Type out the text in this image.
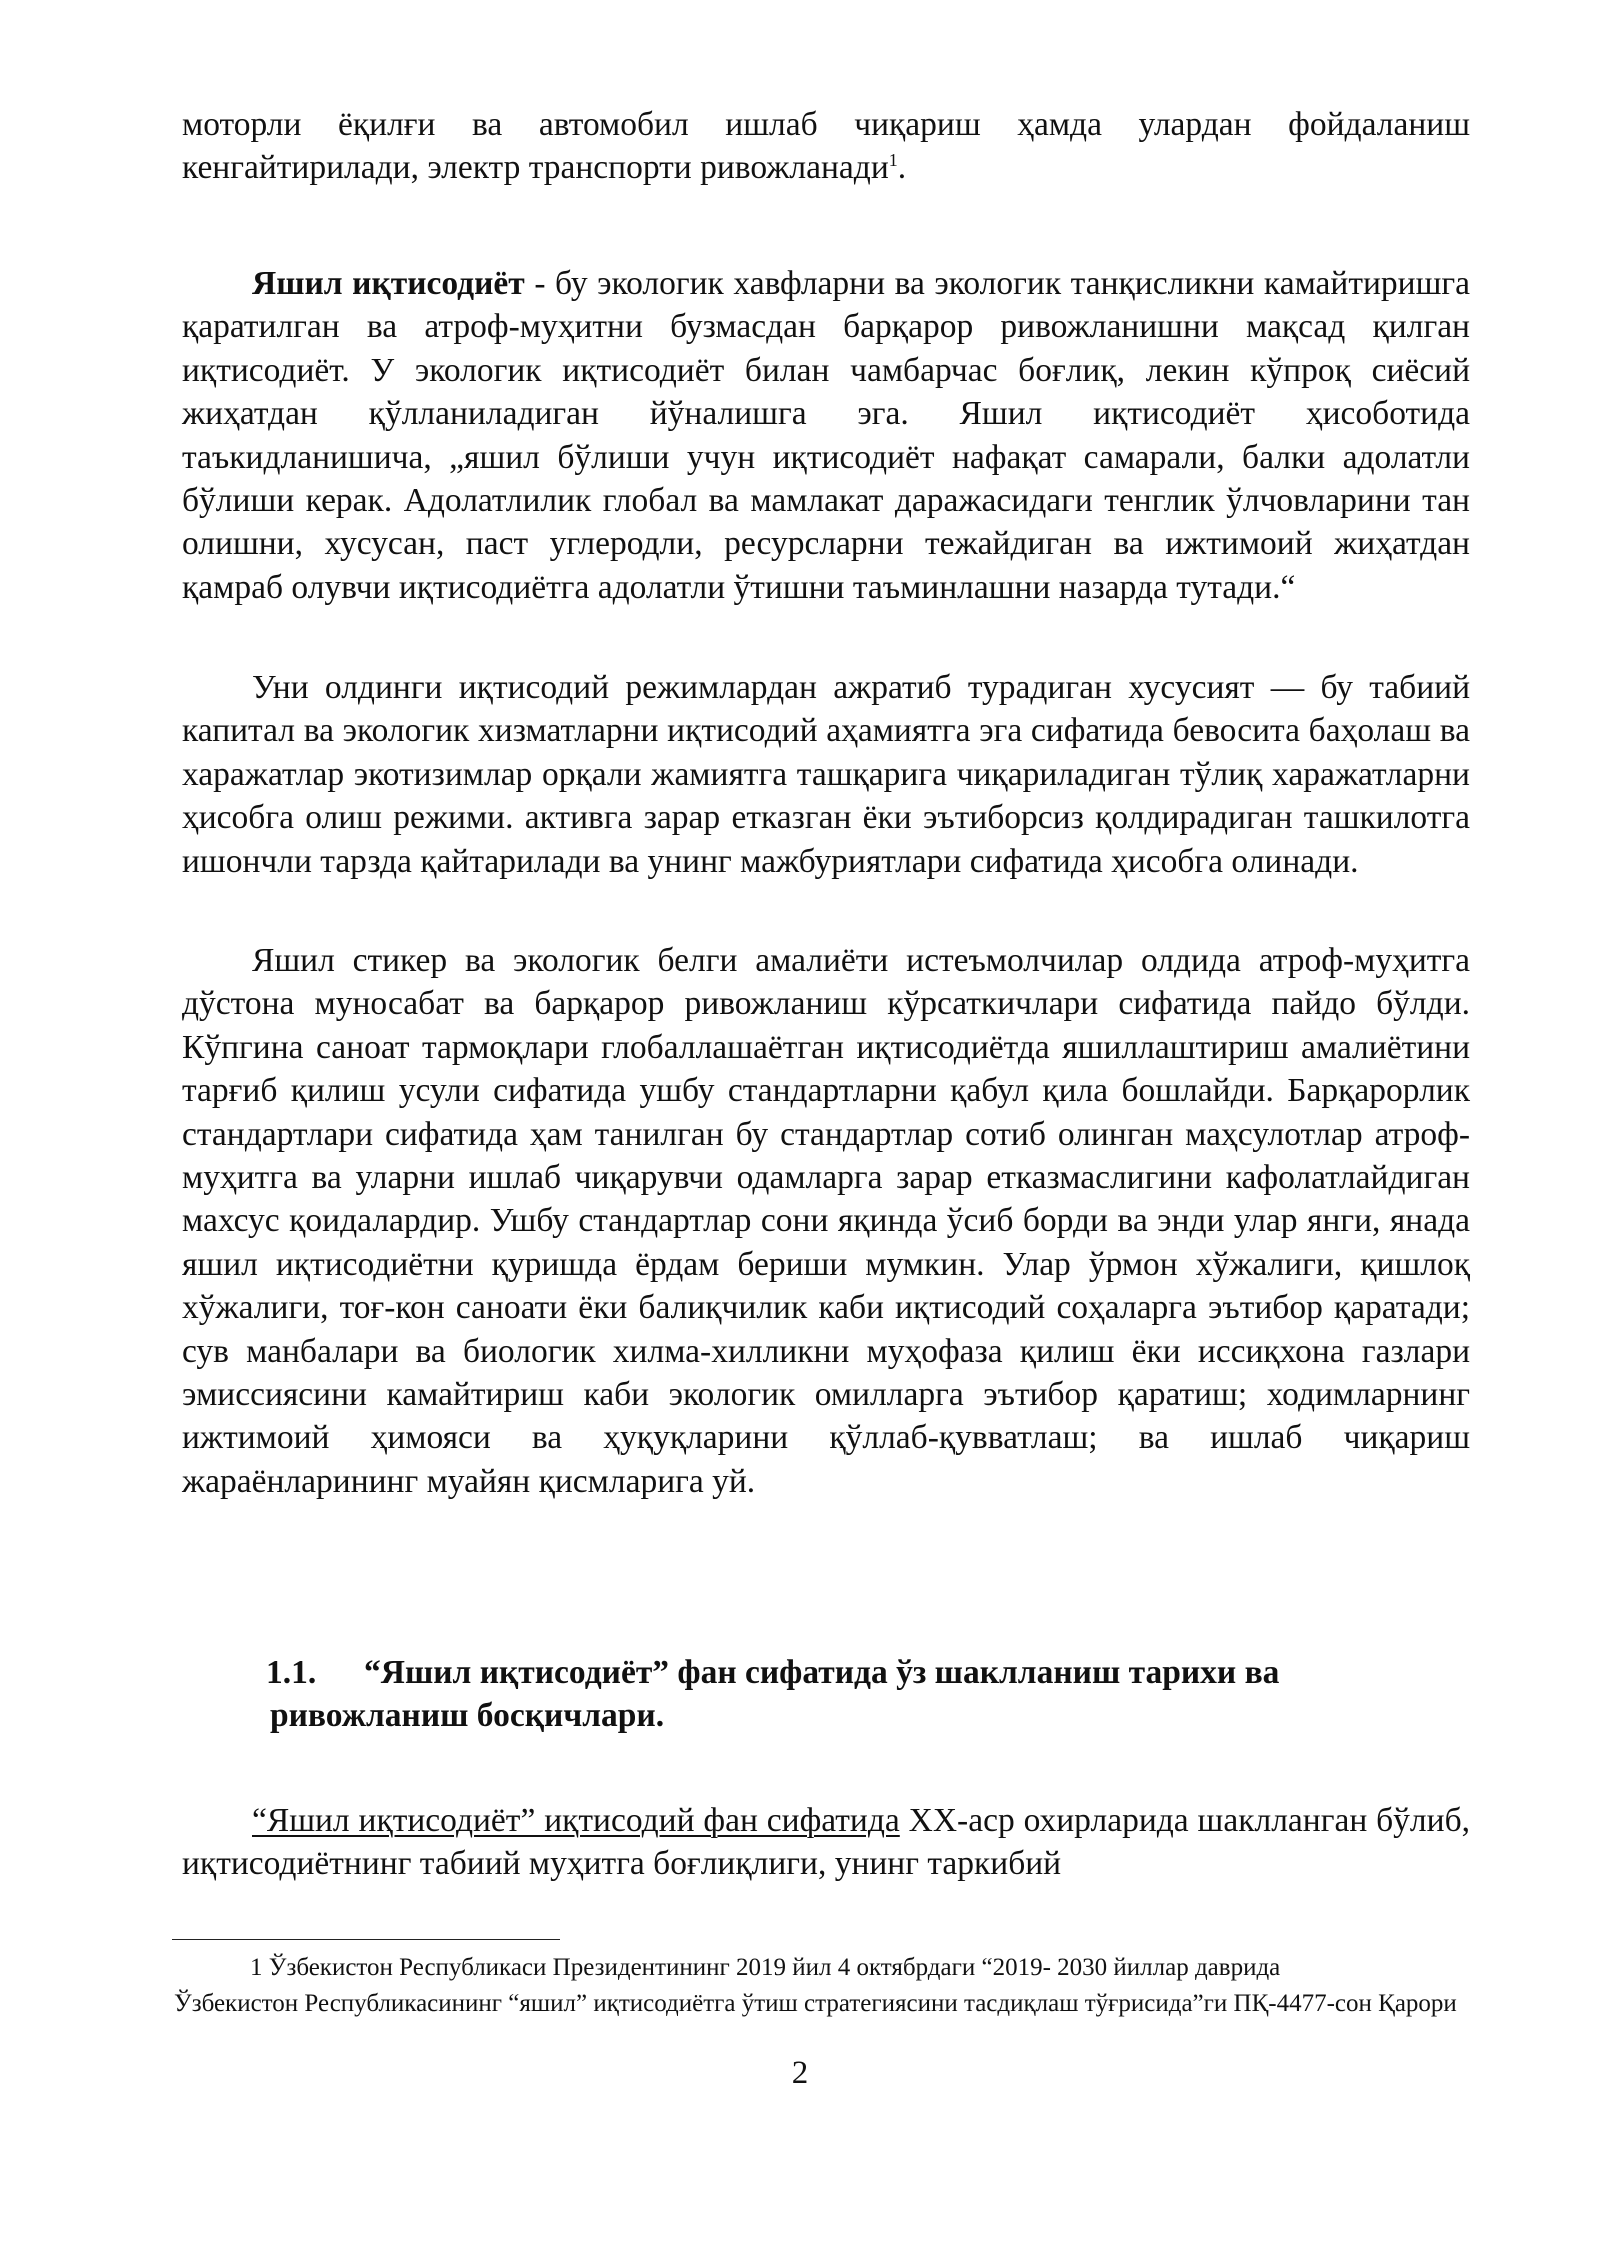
моторли ёқилғи ва автомобил ишлаб чиқариш ҳамда улардан фойдаланиш кенгайтирилади, электр транспорти ривожланади$^1$.

Яшил иқтисодиёт - бу экологик хавфларни ва экологик танқисликни камайтиришга қаратилган ва атроф-муҳитни бузмасдан барқарор ривожланишни мақсад қилган иқтисодиёт. У экологик иқтисодиёт билан чамбарчас боғлиқ, лекин кўпроқ сиёсий жиҳатдан қўлланиладиган йўналишга эга. Яшил иқтисодиёт ҳисоботида таъкидланишича, „яшил бўлиши учун иқтисодиёт нафақат самарали, балки адолатли бўлиши керак. Адолатлилик глобал ва мамлакат даражасидаги тенглик ўлчовларини тан олишни, хусусан, паст углеродли, ресурсларни тежайдиган ва ижтимоий жиҳатдан қамраб олувчи иқтисодиётга адолатли ўтишни таъминлашни назарда тутади.“

Уни олдинги иқтисодий режимлардан ажратиб турадиган хусусият — бу табиий капитал ва экологик хизматларни иқтисодий аҳамиятга эга сифатида бевосита баҳолаш ва харажатлар экотизимлар орқали жамиятга ташқарига чиқариладиган тўлиқ харажатларни ҳисобга олиш режими. активга зарар етказган ёки эътиборсиз қолдирадиган ташкилотга ишончли тарзда қайтарилади ва унинг мажбуриятлари сифатида ҳисобга олинади.

Яшил стикер ва экологик белги амалиёти истеъмолчилар олдида атроф-муҳитга дўстона муносабат ва барқарор ривожланиш кўрсаткичлари сифатида пайдо бўлди. Кўпгина саноат тармоқлари глобаллашаётган иқтисодиётда яшиллаштириш амалиётини тарғиб қилиш усули сифатида ушбу стандартларни қабул қила бошлайди. Барқарорлик стандартлари сифатида ҳам танилган бу стандартлар сотиб олинган маҳсулотлар атроф-муҳитга ва уларни ишлаб чиқарувчи одамларга зарар етказмаслигини кафолатлайдиган махсус қоидалардир. Ушбу стандартлар сони яқинда ўсиб борди ва энди улар янги, янада яшил иқтисодиётни қуришда ёрдам бериши мумкин. Улар ўрмон хўжалиги, қишлоқ хўжалиги, тоғ-кон саноати ёки балиқчилик каби иқтисодий соҳаларга эътибор қаратади; сув манбалари ва биологик хилма-хилликни муҳофаза қилиш ёки иссиқхона газлари эмиссиясини камайтириш каби экологик омилларга эътибор қаратиш; ходимларнинг ижтимоий ҳимояси ва ҳуқуқларини қўллаб-қувватлаш; ва ишлаб чиқариш жараёнларининг муайян қисмларига уй.

1.1. “Яшил иқтисодиёт” фан сифатида ўз шаклланиш тарихи ва
ривожланиш босқичлари.

“Яшил иқтисодиёт” иқтисодий фан сифатида XX-аср охирларида шаклланган бўлиб, иқтисодиётнинг табиий муҳитга боғлиқлиги, унинг таркибий

1 Ўзбекистон Республикаси Президентининг 2019 йил 4 октябрдаги “2019- 2030 йиллар даврида
Ўзбекистон Республикасининг “яшил” иқтисодиётга ўтиш стратегиясини тасдиқлаш тўғрисида”ги ПҚ-4477-сон Қарори

2
